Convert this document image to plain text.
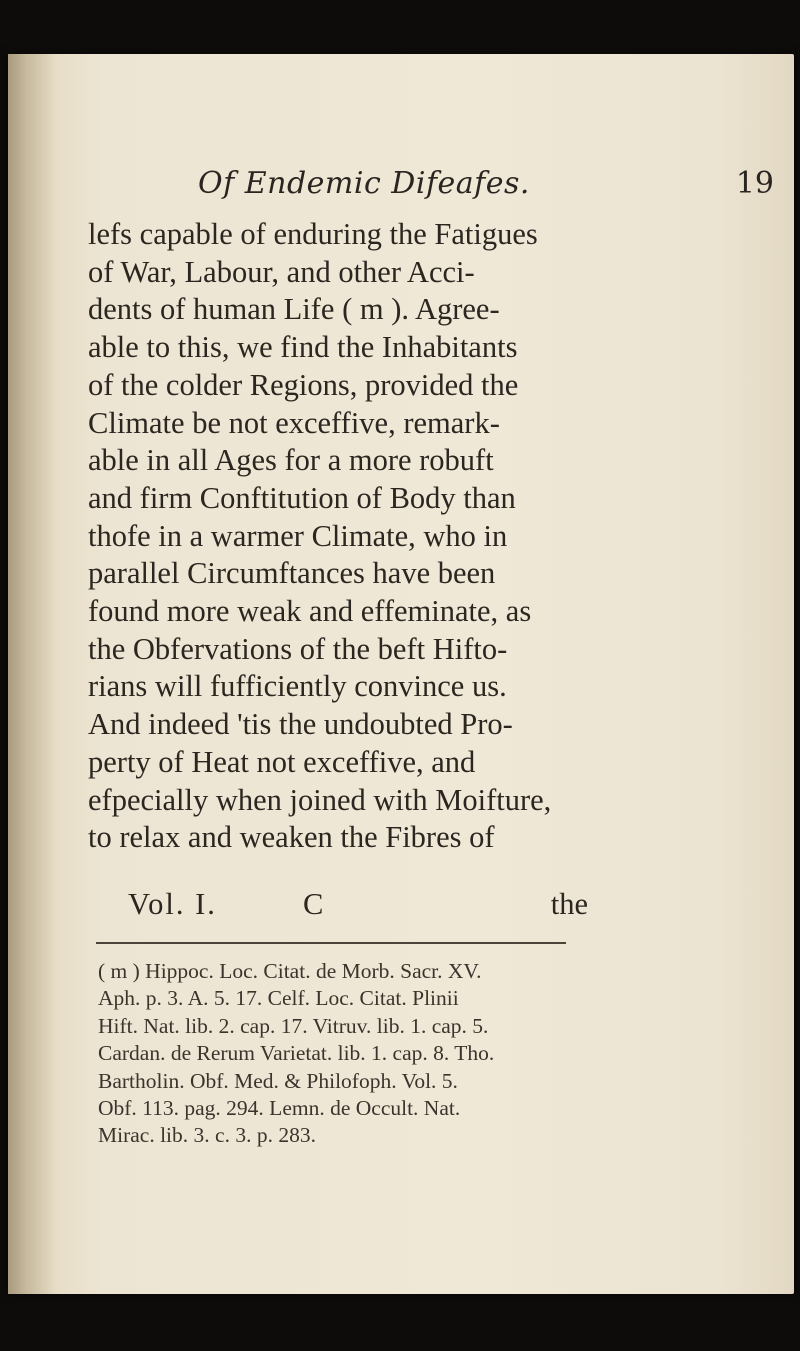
Of Endemic Difeafes.	19
lefs capable of enduring the Fatigues
of War, Labour, and other Acci-
dents of human Life ( m ). Agree-
able to this, we find the Inhabitants
of the colder Regions, provided the
Climate be not exceffive, remark-
able in all Ages for a more robuft
and firm Conftitution of Body than
thofe in a warmer Climate, who in
parallel Circumftances have been
found more weak and effeminate, as
the Obfervations of the beft Hifto-
rians will fufficiently convince us.
And indeed 'tis the undoubted Pro-
perty of Heat not exceffive, and
efpecially when joined with Moifture,
to relax and weaken the Fibres of
Vol. I.	C	the
( m ) Hippoc. Loc. Citat. de Morb. Sacr. XV.
Aph. p. 3. A. 5. 17. Celf. Loc. Citat. Plinii
Hift. Nat. lib. 2. cap. 17. Vitruv. lib. 1. cap. 5.
Cardan. de Rerum Varietat. lib. 1. cap. 8. Tho.
Bartholin. Obf. Med. & Philofoph. Vol. 5.
Obf. 113. pag. 294. Lemn. de Occult. Nat.
Mirac. lib. 3. c. 3. p. 283.
